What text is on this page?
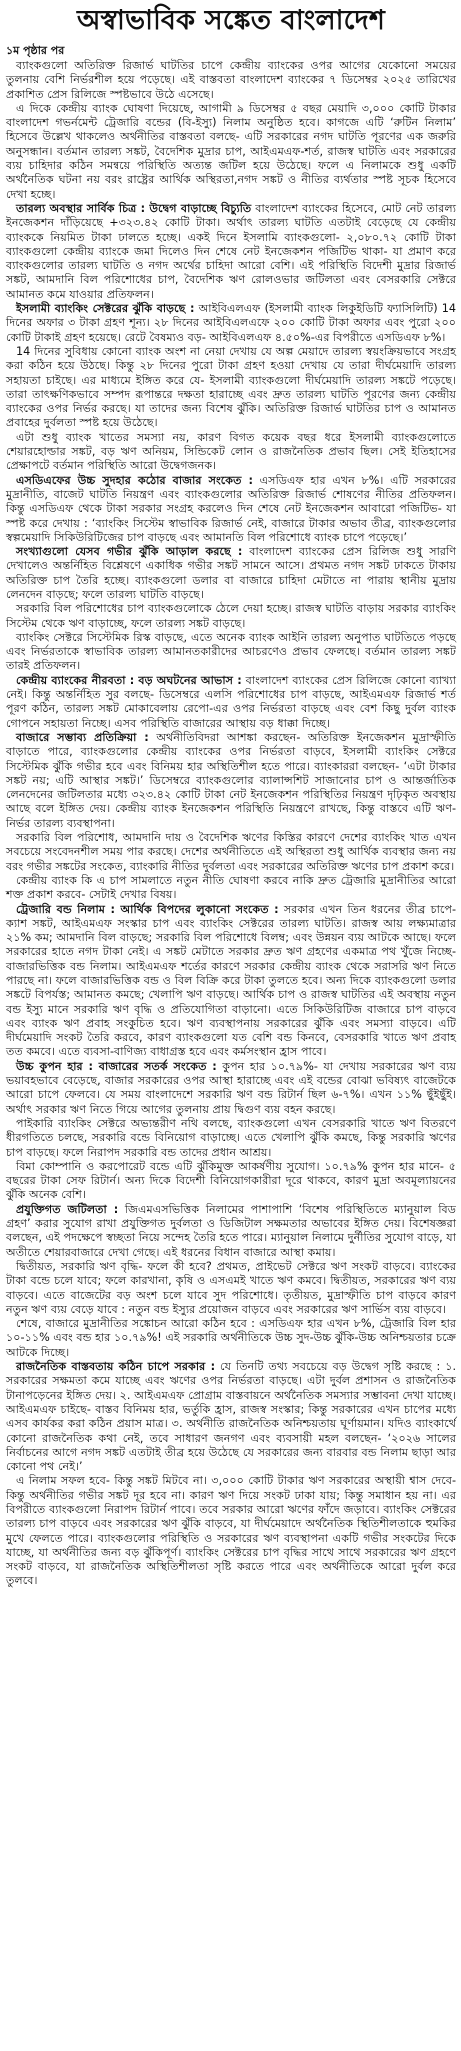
অস্বাভাবিক সঙ্কেত বাংলাদেশ
১ম পৃষ্ঠার পর

ব্যাংকগুলো অতিরিক্ত রিজার্ভ ঘাটতির চাপে কেন্দ্রীয় ব্যাংকের ওপর আগের যেকোনো সময়ের তুলনায় বেশি নির্ভরশীল হয়ে পড়েছে। এই বাস্তবতা বাংলাদেশ ব্যাংকের ৭ ডিসেম্বর ২০২৫ তারিখের প্রকাশিত প্রেস রিলিজে স্পষ্টভাবে উঠে এসেছে।

এ দিকে কেন্দ্রীয় ব্যাংক ঘোষণা দিয়েছে, আগামী ৯ ডিসেম্বর ৫ বছর মেয়াদি ৩,০০০ কোটি টাকার বাংলাদেশ গভর্নমেন্ট ট্রেজারি বন্ডের (বি-ইস্যু) নিলাম অনুষ্ঠিত হবে। কাগজে এটি ‘রুটিন নিলাম’ হিসেবে উল্লেখ থাকলেও অর্থনীতির বাস্তবতা বলছে- এটি সরকারের নগদ ঘাটতি পূরণের এক জরুরি অনুসন্ধান। বর্তমান তারল্য সঙ্কট, বৈদেশিক মুদ্রার চাপ, আইএমএফ-শর্ত, রাজস্ব ঘাটতি এবং সরকারের ব্যয় চাহিদার কঠিন সমন্বয়ে পরিস্থিতি অত্যন্ত জটিল হয়ে উঠেছে। ফলে এ নিলামকে শুধু একটি অর্থনৈতিক ঘটনা নয় বরং রাষ্ট্রের আর্থিক অস্থিরতা,নগদ সঙ্কট ও নীতির ব্যর্থতার স্পষ্ট সূচক হিসেবে দেখা হচ্ছে।

তারল্য অবস্থার সার্বিক চিত্র : উদ্বেগ বাড়াচ্ছে বিচ্যুতি বাংলাদেশ ব্যাংকের হিসেবে, মোট নেট তারল্য ইনজেকশন দাঁড়িয়েছে +৩২৩.৪২ কোটি টাকা। অর্থাৎ তারল্য ঘাটতি এতটাই বেড়েছে যে কেন্দ্রীয় ব্যাংককে নিয়মিত টাকা ঢালতে হচ্ছে। একই দিনে ইসলামি ব্যাংকগুলো- ২,০৮০.৭২ কোটি টাকা ব্যাংকগুলো কেন্দ্রীয় ব্যাংকে জমা দিলেও দিন শেষে নেট ইনজেকশন পজিটিভ থাকা- যা প্রমাণ করে ব্যাংকগুলোর তারল্য ঘাটতি ও নগদ অর্থের চাহিদা আরো বেশি। এই পরিস্থিতি বিদেশী মুদ্রার রিজার্ভ সঙ্কট, আমদানি বিল পরিশোধের চাপ, বৈদেশিক ঋণ রোলওভার জটিলতা এবং বেসরকারি সেক্টরে আমানত কমে যাওয়ার প্রতিফলন।

ইসলামী ব্যাংকিং সেক্টরের ঝুঁকি বাড়ছে : আইবিএলএফ (ইসলামী ব্যাংক লিকুইডিটি ফ্যাসিলিটি) 14 দিনের অফার ৩ টাকা গ্রহণ শূন্য। ২৮ দিনের আইবিএলএফে ২০০ কোটি টাকা অফার এবং পুরো ২০০ কোটি টাকাই গ্রহণ হয়েছে। রেটে বৈষম্যও বড়- আইবিএলএফ ৪.৫০%-এর বিপরীতে এসডিএফ ৮%।

14 দিনের সুবিধায় কোনো ব্যাংক অংশ না নেয়া দেখায় যে অল্প মেয়াদে তারল্য স্বয়ংক্রিয়ভাবে সংগ্রহ করা কঠিন হয়ে উঠছে। কিন্তু ২৮ দিনের পুরো টাকা গ্রহণ হওয়া দেখায় যে তারা দীর্ঘমেয়াদি তারল্য সহায়তা চাইছে। এর মাধ্যমে ইঙ্গিত করে যে- ইসলামী ব্যাংকগুলো দীর্ঘমেয়াদি তারল্য সঙ্কটে পড়েছে। তারা তাৎক্ষণিকভাবে সম্পদ রূপান্তরে দক্ষতা হারাচ্ছে এবং দ্রুত তারল্য ঘাটতি পূরণের জন্য কেন্দ্রীয় ব্যাংকের ওপর নির্ভর করছে। যা তাদের জন্য বিশেষ ঝুঁকি। অতিরিক্ত রিজার্ভ ঘাটতির চাপ ও আমানত প্রবাহের দুর্বলতা স্পষ্ট হয়ে উঠেছে।

এটা শুধু ব্যাংক খাতের সমস্যা নয়, কারণ বিগত কয়েক বছর ধরে ইসলামী ব্যাংকগুলোতে শেয়ারহোল্ডার সঙ্কট, বড় ঋণ অনিয়ম, সিন্ডিকেট লোন ও রাজনৈতিক প্রভাব ছিল। সেই ইতিহাসের প্রেক্ষাপটে বর্তমান পরিস্থিতি আরো উদ্বেগজনক।

এসডিএফের উচ্চ সুদহার কঠোর বাজার সংকেত : এসডিএফ হার এখন ৮%। এটি সরকারের মুদ্রানীতি, বাজেট ঘাটতি নিয়ন্ত্রণ এবং ব্যাংকগুলোর অতিরিক্ত রিজার্ভ শোষণের নীতির প্রতিফলন। কিন্তু এসডিএফ থেকে টাকা সরকার সংগ্রহ করলেও দিন শেষে নেট ইনজেকশন আবারো পজিটিভ- যা স্পষ্ট করে দেখায় : ‘ব্যাংকিং সিস্টেম স্বাভাবিক রিজার্ভ নেই, বাজারে টাকার অভাব তীব্র, ব্যাংকগুলোর স্বল্পমেয়াদি সিকিউরিটিজের চাপ বাড়ছে এবং আমানতি বিল পরিশোধে ব্যাংক চাপে পড়েছে।’

সংখ্যাগুলো যেসব গভীর ঝুঁকি আড়াল করছে : বাংলাদেশ ব্যাংকের প্রেস রিলিজ শুধু সারণি দেখালেও অন্তর্নিহিত বিশ্লেষণে একাধিক গভীর সঙ্কট সামনে আসে। প্রথমত নগদ সঙ্কট ঢাকতে টাকায় অতিরিক্ত চাপ তৈরি হচ্ছে। ব্যাংকগুলো ডলার বা বাজারে চাহিদা মেটাতে না পারায় স্থানীয় মুদ্রায় লেনদেন বাড়ছে; ফলে তারল্য ঘাটতি বাড়ছে।

সরকারি বিল পরিশোধের চাপ ব্যাংকগুলোকে ঠেলে দেয়া হচ্ছে। রাজস্ব ঘাটতি বাড়ায় সরকার ব্যাংকিং সিস্টেম থেকে ঋণ বাড়াচ্ছে, ফলে তারল্য সঙ্কট বাড়ছে।

ব্যাংকিং সেক্টরে সিস্টেমিক রিস্ক বাড়ছে, এতে অনেক ব্যাংক আইনি তারল্য অনুপাত ঘাটতিতে পড়ছে এবং নির্ভরতাকে স্বাভাবিক তারল্য আমানতকারীদের আচরণেও প্রভাব ফেলছে। বর্তমান তারল্য সঙ্কট তারই প্রতিফলন।

কেন্দ্রীয় ব্যাংকের নীরবতা : বড় অঘটনের আভাস : বাংলাদেশ ব্যাংকের প্রেস রিলিজে কোনো ব্যাখ্যা নেই। কিন্তু অন্তর্নিহিত সুর বলছে- ডিসেম্বরে এলসি পরিশোধের চাপ বাড়ছে, আইএমএফ রিজার্ভ শর্ত পূরণ কঠিন, তারল্য সঙ্কট মোকাবেলায় রেপো-এর ওপর নির্ভরতা বাড়ছে এবং বেশ কিছু দুর্বল ব্যাংক গোপনে সহায়তা নিচ্ছে। এসব পরিস্থিতি বাজারের আস্থায় বড় ধাক্কা দিচ্ছে।

বাজারে সম্ভাব্য প্রতিক্রিয়া : অর্থনীতিবিদরা আশঙ্কা করছেন- অতিরিক্ত ইনজেকশন মুদ্রাস্ফীতি বাড়াতে পারে, ব্যাংকগুলোর কেন্দ্রীয় ব্যাংকের ওপর নির্ভরতা বাড়বে, ইসলামী ব্যাংকিং সেক্টরে সিস্টেমিক ঝুঁকি গভীর হবে এবং বিনিময় হার অস্থিতিশীল হতে পারে। ব্যাংকাররা বলছেন- ‘এটা টাকার সঙ্কট নয়; এটি আস্থার সঙ্কট।’ ডিসেম্বরে ব্যাংকগুলোর ব্যালান্সশিট সাজানোর চাপ ও আন্তর্জাতিক লেনদেনের জটিলতার মধ্যে ৩২৩.৪২ কোটি টাকা নেট ইনজেকশন পরিস্থিতির নিয়ন্ত্রণ দৃঢ়িকৃত অবস্থায় আছে বলে ইঙ্গিত দেয়। কেন্দ্রীয় ব্যাংক ইনজেকশন পরিস্থিতি নিয়ন্ত্রণে রাখছে, কিন্তু বাস্তবে এটি ঋণ-নির্ভর তারল্য ব্যবস্থাপনা।

সরকারি বিল পরিশোধ, আমদানি দায় ও বৈদেশিক ঋণের কিস্তির কারণে দেশের ব্যাংকিং খাত এখন সবচেয়ে সংবেদনশীল সময় পার করছে। দেশের অর্থনীতিতে এই অস্থিরতা শুধু আর্থিক ব্যবস্থার জন্য নয় বরং গভীর সঙ্কটের সংকেত, ব্যাংকারি নীতির দুর্বলতা এবং সরকারের অতিরিক্ত ঋণের চাপ প্রকাশ করে।

কেন্দ্রীয় ব্যাংক কি এ চাপ সামলাতে নতুন নীতি ঘোষণা করবে নাকি দ্রুত ট্রেজারি মুদ্রানীতির আরো শক্ত প্রকাশ করবে- সেটাই দেখার বিষয়।

ট্রেজারি বন্ড নিলাম : আর্থিক বিপদের লুকানো সংকেত : সরকার এখন তিন ধরনের তীব্র চাপে- ক্যাশ সঙ্কট, আইএমএফ সংস্কার চাপ এবং ব্যাংকিং সেক্টরের তারল্য ঘাটতি। রাজস্ব আয় লক্ষ্যমাত্রার ২১% কম; আমদানি বিল বাড়ছে; সরকারি বিল পরিশোধে বিলম্ব; এবং উন্নয়ন ব্যয় আটকে আছে। ফলে সরকারের হাতে নগদ টাকা নেই। এ সঙ্কট মেটাতে সরকার দ্রুত ঋণ গ্রহণের একমাত্র পথ খুঁজে নিচ্ছে- বাজারভিত্তিক বন্ড নিলাম। আইএমএফ শর্তের কারণে সরকার কেন্দ্রীয় ব্যাংক থেকে সরাসরি ঋণ নিতে পারছে না। ফলে বাজারভিত্তিক বন্ড ও বিল বিক্রি করে টাকা তুলতে হবে। অন্য দিকে ব্যাংকগুলো ডলার সঙ্কটে বিপর্যস্ত; আমানত কমছে; খেলাপি ঋণ বাড়ছে। আর্থিক চাপ ও রাজস্ব ঘাটতির এই অবস্থায় নতুন বন্ড ইস্যু মানে সরকারি ঋণ বৃদ্ধি ও প্রতিযোগিতা বাড়ানো। এতে সিকিউরিটিজ বাজারে চাপ বাড়বে এবং ব্যাংক ঋণ প্রবাহ সংকুচিত হবে। ঋণ ব্যবস্থাপনায় সরকারের ঝুঁকি এবং সমস্যা বাড়বে। এটি দীর্ঘমেয়াদি সংকট তৈরি করবে, কারণ ব্যাংকগুলো যত বেশি বন্ড কিনবে, বেসরকারি খাতে ঋণ প্রবাহ তত কমবে। এতে ব্যবসা-বাণিজ্য বাধাগ্রস্ত হবে এবং কর্মসংস্থান হ্রাস পাবে।

উচ্চ কুপন হার : বাজারের সতর্ক সংকেত : কুপন হার ১০.৭৯%- যা দেখায় সরকারের ঋণ ব্যয় ভয়াবহভাবে বেড়েছে, বাজার সরকারের ওপর আস্থা হারাচ্ছে এবং এই বন্ডের বোঝা ভবিষ্যৎ বাজেটকে আরো চাপে ফেলবে। যে সময় বাংলাদেশে সরকারি ঋণ বন্ড রিটার্ন ছিল ৬-৭%। এখন ১১% ছুঁইছুঁই। অর্থাৎ সরকার ঋণ নিতে গিয়ে আগের তুলনায় প্রায় দ্বিগুণ ব্যয় বহন করছে।

পাইকারি ব্যাংকিং সেক্টরে অভ্যন্তরীণ নথি বলছে, ব্যাংকগুলো এখন বেসরকারি খাতে ঋণ বিতরণে ধীরগতিতে চলছে, সরকারি বন্ডে বিনিয়োগ বাড়াচ্ছে। এতে খেলাপি ঝুঁকি কমছে, কিন্তু সরকারি ঋণের চাপ বাড়ছে। ফলে নিরাপদ সরকারি বন্ড তাদের প্রধান আশ্রয়।

বিমা কোম্পানি ও করপোরেট বন্ডে এটি ঝুঁকিমুক্ত আকর্ষণীয় সুযোগ। ১০.৭৯% কুপন হার মানে- ৫ বছরের টাকা সেফ রিটার্ন। অন্য দিকে বিদেশী বিনিয়োগকারীরা দূরে থাকবে, কারণ মুদ্রা অবমূল্যায়নের ঝুঁকি অনেক বেশি।

প্রযুক্তিগত জটিলতা : জিএমএসভিত্তিক নিলামের পাশাপাশি ‘বিশেষ পরিস্থিতিতে ম্যানুয়াল বিড গ্রহণ’ করার সুযোগ রাখা প্রযুক্তিগত দুর্বলতা ও ডিজিটাল সক্ষমতার অভাবের ইঙ্গিত দেয়। বিশেষজ্ঞরা বলছেন, এই পদক্ষেপে স্বচ্ছতা নিয়ে সন্দেহ তৈরি হতে পারে। ম্যানুয়াল নিলামে দুর্নীতির সুযোগ বাড়ে, যা অতীতে শেয়ারবাজারে দেখা গেছে। এই ধরনের বিধান বাজারে আস্থা কমায়।

দ্বিতীয়ত, সরকারি ঋণ বৃদ্ধি- ফলে কী হবে? প্রথমত, প্রাইভেট সেক্টরে ঋণ সংকট বাড়বে। ব্যাংকের টাকা বন্ডে চলে যাবে; ফলে কারখানা, কৃষি ও এসএমই খাতে ঋণ কমবে। দ্বিতীয়ত, সরকারের ঋণ ব্যয় বাড়বে। এতে বাজেটের বড় অংশ চলে যাবে সুদ পরিশোধে। তৃতীয়ত, মুদ্রাস্ফীতি চাপ বাড়বে কারণ নতুন ঋণ ব্যয় বেড়ে যাবে : নতুন বন্ড ইস্যুর প্রয়োজন বাড়বে এবং সরকারের ঋণ সার্ভিস ব্যয় বাড়বে।

শেষে, বাজারে মুদ্রানীতির সঙ্কোচন আরো কঠিন হবে : এসডিএফ হার এখন ৮%, ট্রেজারি বিল হার ১০-১১% এবং বন্ড হার ১০.৭৯%! এই সরকারি অর্থনীতিকে উচ্চ সুদ-উচ্চ ঝুঁকি-উচ্চ অনিশ্চয়তার চক্রে আটকে দিচ্ছে।

রাজনৈতিক বাস্তবতায় কঠিন চাপে সরকার : যে তিনটি তথ্য সবচেয়ে বড় উদ্বেগ সৃষ্টি করছে : ১. সরকারের সক্ষমতা কমে যাচ্ছে এবং ঋণের ওপর নির্ভরতা বাড়ছে। এটা দুর্বল প্রশাসন ও রাজনৈতিক টানাপড়েনের ইঙ্গিত দেয়। ২. আইএমএফ প্রোগ্রাম বাস্তবায়নে অর্থনৈতিক সমস্যার সম্ভাবনা দেখা যাচ্ছে। আইএমএফ চাইছে- বাস্তব বিনিময় হার, ভর্তুকি হ্রাস, রাজস্ব সংস্কার; কিন্তু সরকারের এখন চাপের মধ্যে এসব কার্যকর করা কঠিন প্রয়াস মাত্র। ৩. অর্থনীতি রাজনৈতিক অনিশ্চয়তায় ঘূর্ণায়মান। যদিও ব্যাংকার্থে কোনো রাজনৈতিক কথা নেই, তবে সাধারণ জনগণ এবং ব্যবসায়ী মহল বলছেন- ‘২০২৬ সালের নির্বাচনের আগে নগদ সঙ্কট এতটাই তীব্র হয়ে উঠেছে যে সরকারের জন্য বারবার বন্ড নিলাম ছাড়া আর কোনো পথ নেই।’

এ নিলাম সফল হবে- কিন্তু সঙ্কট মিটবে না। ৩,০০০ কোটি টাকার ঋণ সরকারের অস্থায়ী শ্বাস দেবে- কিন্তু অর্থনীতির গভীর সঙ্কট দূর হবে না। কারণ ঋণ দিয়ে সংকট ঢাকা যায়; কিন্তু সমাধান হয় না। এর বিপরীতে ব্যাংকগুলো নিরাপদ রিটার্ন পাবে। তবে সরকার আরো ঋণের ফাঁদে জড়াবে। ব্যাংকিং সেক্টরের তারল্য চাপ বাড়বে এবং সরকারের ঋণ ঝুঁকি বাড়বে, যা দীর্ঘমেয়াদে অর্থনৈতিক স্থিতিশীলতাকে হুমকির মুখে ফেলতে পারে। ব্যাংকগুলোর পরিস্থিতি ও সরকারের ঋণ ব্যবস্থাপনা একটি গভীর সংকটের দিকে যাচ্ছে, যা অর্থনীতির জন্য বড় ঝুঁকিপূর্ণ। ব্যাংকিং সেক্টরের চাপ বৃদ্ধির সাথে সাথে সরকারের ঋণ গ্রহণে সংকট বাড়বে, যা রাজনৈতিক অস্থিতিশীলতা সৃষ্টি করতে পারে এবং অর্থনীতিকে আরো দুর্বল করে তুলবে।
